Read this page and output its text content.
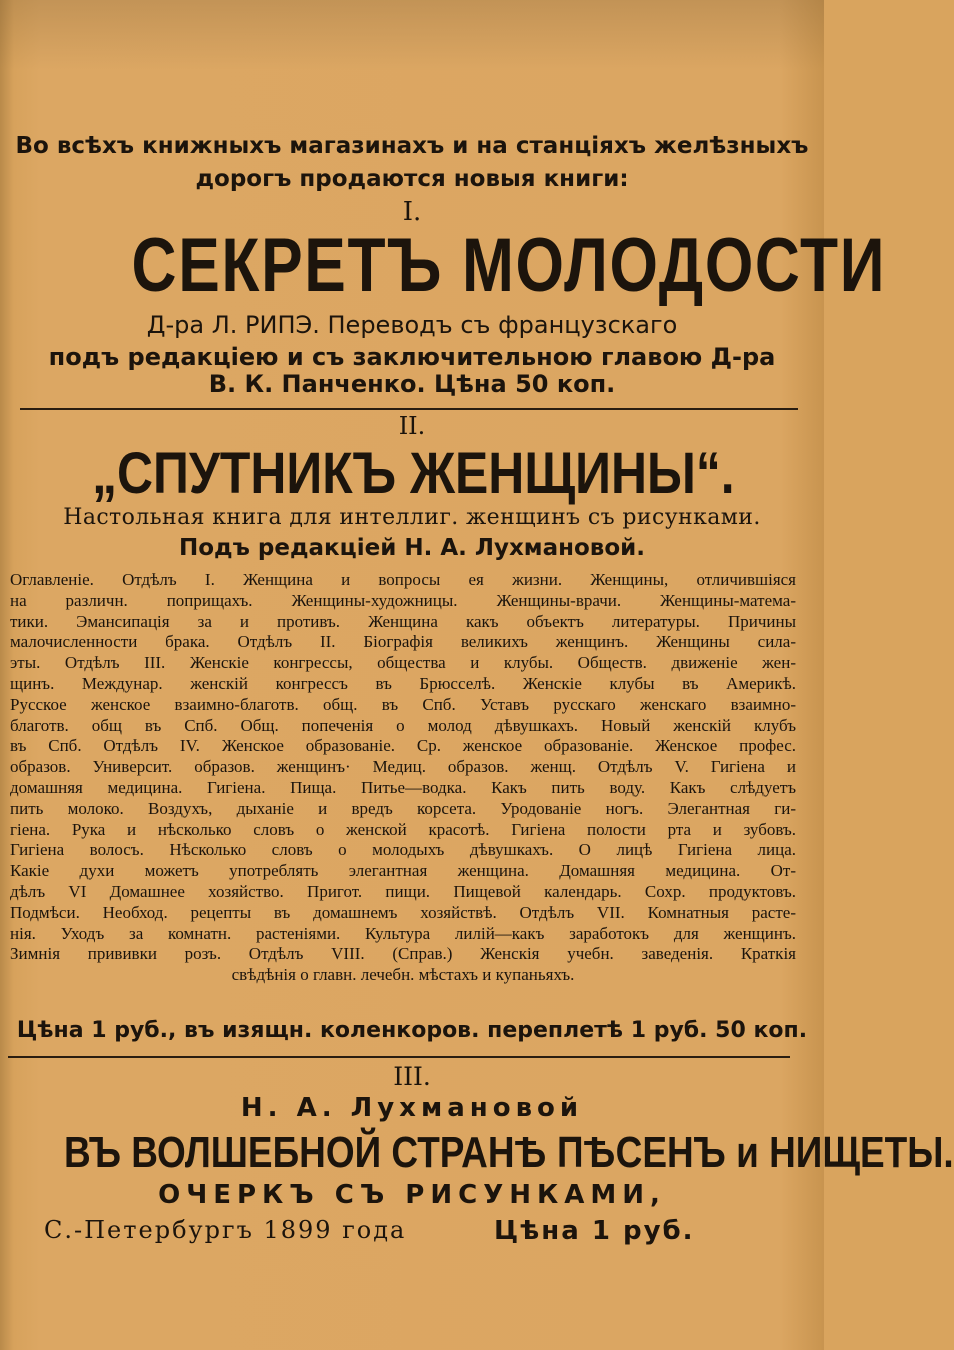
Во всѣхъ книжныхъ магазинахъ и на станціяхъ желѣзныхъ
дорогъ продаются новыя книги:
I.
СЕКРЕТЪ МОЛОДОСТИ
Д-ра Л. РИПЭ. Переводъ съ французскаго
подъ редакціею и съ заключительною главою Д-ра
В. К. Панченко. Цѣна 50 коп.
II.
„СПУТНИКЪ ЖЕНЩИНЫ“.
Настольная книга для интеллиг. женщинъ съ рисунками.
Подъ редакціей Н. А. Лухмановой.

Оглавленіе. Отдѣлъ I. Женщина и вопросы ея жизни. Женщины, отличившіяся

на различн. поприщахъ. Женщины-художницы. Женщины-врачи. Женщины-матема-

тики. Эмансипація за и противъ. Женщина какъ объектъ литературы. Причины

малочисленности брака. Отдѣлъ II. Біографія великихъ женщинъ. Женщины сила-

эты. Отдѣлъ III. Женскіе конгрессы, общества и клубы. Обществ. движеніе жен-

щинъ. Междунар. женскій конгрессъ въ Брюсселѣ. Женскіе клубы въ Америкѣ.

Русское женское взаимно-благотв. общ. въ Спб. Уставъ русскаго женскаго взаимно-

благотв. общ въ Спб. Общ. попеченія о молод дѣвушкахъ. Новый женскій клубъ

въ Спб. Отдѣлъ IV. Женское образованіе. Ср. женское образованіе. Женское профес.

образов. Университ. образов. женщинъ· Медиц. образов. женщ. Отдѣлъ V. Гигіена и

домашняя медицина. Гигіена. Пища. Питье—водка. Какъ пить воду. Какъ слѣдуетъ

пить молоко. Воздухъ, дыханіе и вредъ корсета. Уродованіе ногъ. Элегантная ги-

гіена. Рука и нѣсколько словъ о женской красотѣ. Гигіена полости рта и зубовъ.

Гигіена волосъ. Нѣсколько словъ о молодыхъ дѣвушкахъ. О лицѣ Гигіена лица.

Какіе духи можетъ употреблять элегантная женщина. Домашняя медицина. От-

дѣлъ VI Домашнее хозяйство. Пригот. пищи. Пищевой календарь. Сохр. продуктовъ.

Подмѣси. Необход. рецепты въ домашнемъ хозяйствѣ. Отдѣлъ VII. Комнатныя расте-

нія. Уходъ за комнатн. растеніями. Культура лилій—какъ заработокъ для женщинъ.

Зимнія прививки розъ. Отдѣлъ VIII. (Справ.) Женскія учебн. заведенія. Краткія

свѣдѣнія о главн. лечебн. мѣстахъ и купаньяхъ.

Цѣна 1 руб., въ изящн. коленкоров. переплетѣ 1 руб. 50 коп.
III.
Н. А. Лухмановой
ВЪ ВОЛШЕБНОЙ СТРАНѢ ПѢСЕНЪ и НИЩЕТЫ.
ОЧЕРКЪ СЪ РИСУНКАМИ,
С.-Петербургъ 1899 года	Цѣна 1 руб.
